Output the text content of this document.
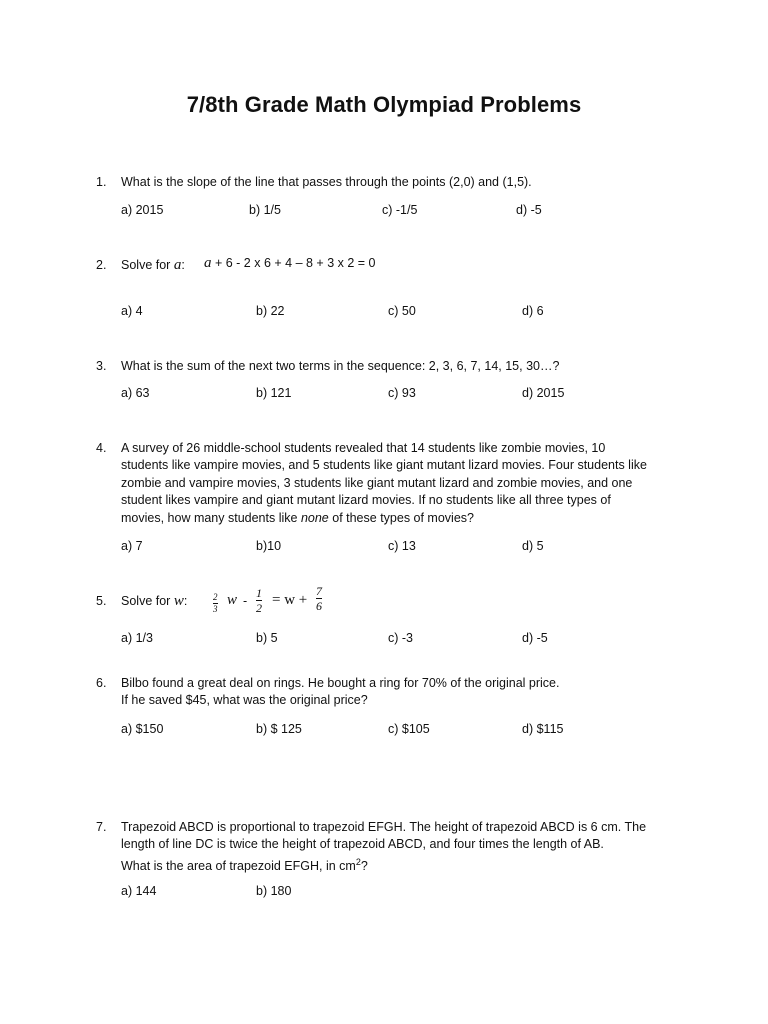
7/8th Grade Math Olympiad Problems
1. What is the slope of the line that passes through the points (2,0) and (1,5).
a) 2015	b) 1/5	c) -1/5	d) -5
2. Solve for a:	a + 6 - 2 x 6 + 4 – 8 + 3 x 2 = 0
a) 4	b) 22	c) 50	d) 6
3. What is the sum of the next two terms in the sequence: 2, 3, 6, 7, 14, 15, 30…?
a) 63	b) 121	c) 93	d) 2015
4. A survey of 26 middle-school students revealed that 14 students like zombie movies, 10 students like vampire movies, and 5 students like giant mutant lizard movies. Four students like zombie and vampire movies, 3 students like giant mutant lizard and zombie movies, and one student likes vampire and giant mutant lizard movies. If no students like all three types of movies, how many students like none of these types of movies?
a) 7	b)10	c) 13	d) 5
5. Solve for w:	2
3
w -
1
2 = w +
7
6
a) 1/3	b) 5	c) -3	d) -5
6. Bilbo found a great deal on rings. He bought a ring for 70% of the original price.
If he saved $45, what was the original price?
a) $150	b) $ 125	c) $105	d) $115
7. Trapezoid ABCD is proportional to trapezoid EFGH. The height of trapezoid ABCD is 6 cm. The length of line DC is twice the height of trapezoid ABCD, and four times the length of AB.
What is the area of trapezoid EFGH, in $cm^2$?
a) 144	b) 180
